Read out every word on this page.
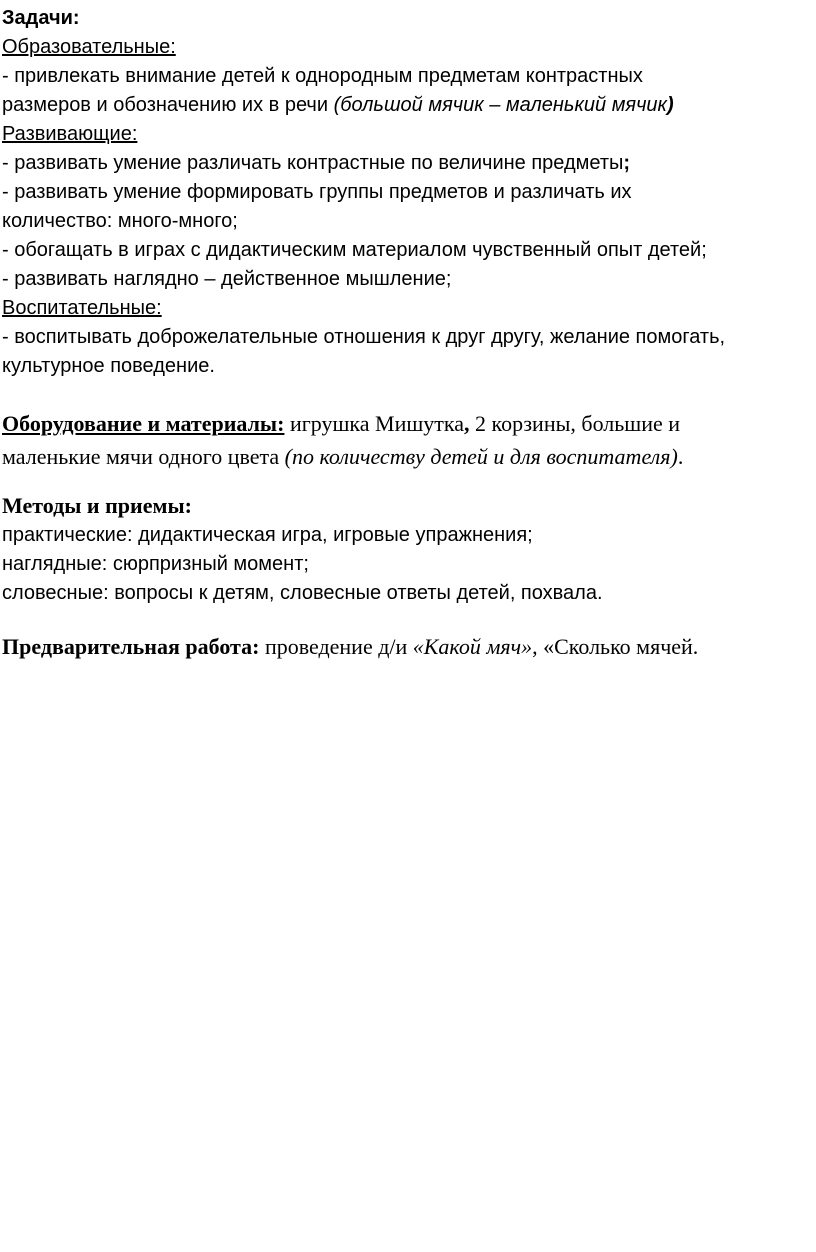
Задачи:
Образовательные:
- привлекать внимание детей к однородным предметам контрастных
размеров и обозначению их в речи (большой мячик – маленький мячик)
Развивающие:
- развивать умение различать контрастные по величине предметы;
- развивать умение формировать группы предметов и различать их
количество: много-много;
- обогащать в играх с дидактическим материалом чувственный опыт детей;
- развивать наглядно – действенное мышление;
Воспитательные:
- воспитывать доброжелательные отношения к друг другу, желание помогать,
культурное поведение.
Оборудование и материалы: игрушка Мишутка, 2 корзины, большие и
маленькие мячи одного цвета (по количеству детей и для воспитателя).
Методы и приемы:
практические: дидактическая игра, игровые упражнения;
наглядные: сюрпризный момент;
словесные: вопросы к детям, словесные ответы детей, похвала.
Предварительная работа: проведение д/и «Какой мяч», «Сколько мячей.
